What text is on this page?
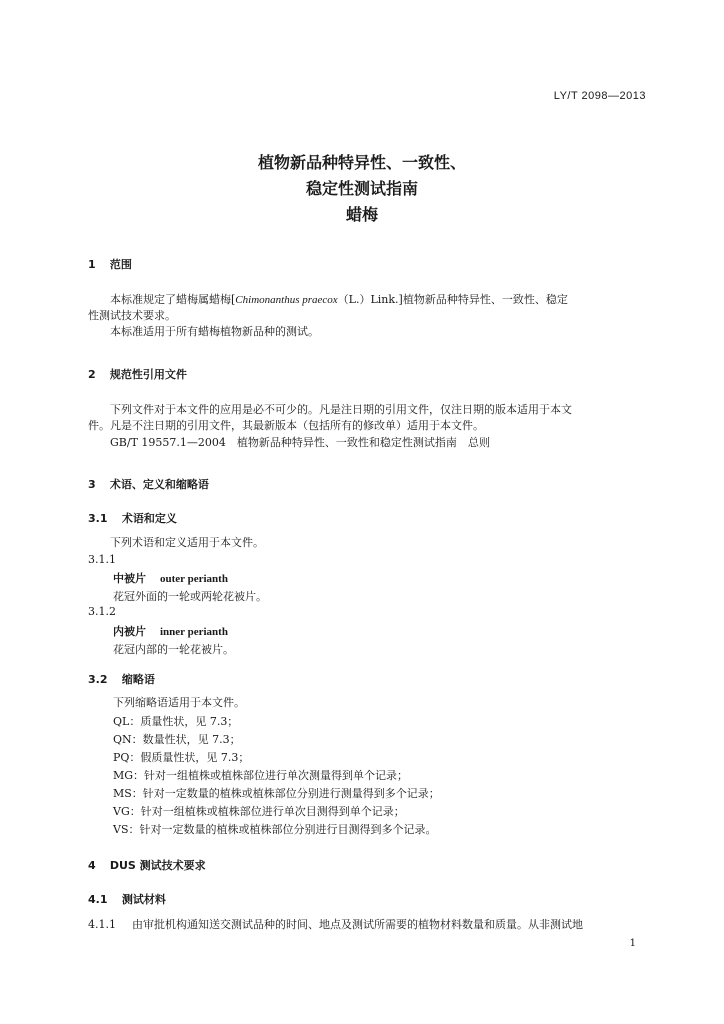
LY/T 2098—2013
植物新品种特异性、一致性、
稳定性测试指南
蜡梅
1 范围
本标准规定了蜡梅属蜡梅[Chimonanthus praecox（L.）Link.]植物新品种特异性、一致性、稳定
性测试技术要求。
本标准适用于所有蜡梅植物新品种的测试。
2 规范性引用文件
下列文件对于本文件的应用是必不可少的。凡是注日期的引用文件，仅注日期的版本适用于本文
件。凡是不注日期的引用文件，其最新版本（包括所有的修改单）适用于本文件。
GB/T 19557.1—2004　植物新品种特异性、一致性和稳定性测试指南　总则
3 术语、定义和缩略语
3.1 术语和定义
下列术语和定义适用于本文件。
3.1.1
中被片 outer perianth
花冠外面的一轮或两轮花被片。
3.1.2
内被片 inner perianth
花冠内部的一轮花被片。
3.2 缩略语
下列缩略语适用于本文件。
QL：质量性状，见 7.3；
QN：数量性状，见 7.3；
PQ：假质量性状，见 7.3；
MG：针对一组植株或植株部位进行单次测量得到单个记录；
MS：针对一定数量的植株或植株部位分别进行测量得到多个记录；
VG：针对一组植株或植株部位进行单次目测得到单个记录；
VS：针对一定数量的植株或植株部位分别进行目测得到多个记录。
4 DUS 测试技术要求
4.1 测试材料
4.1.1 由审批机构通知送交测试品种的时间、地点及测试所需要的植物材料数量和质量。从非测试地
1
